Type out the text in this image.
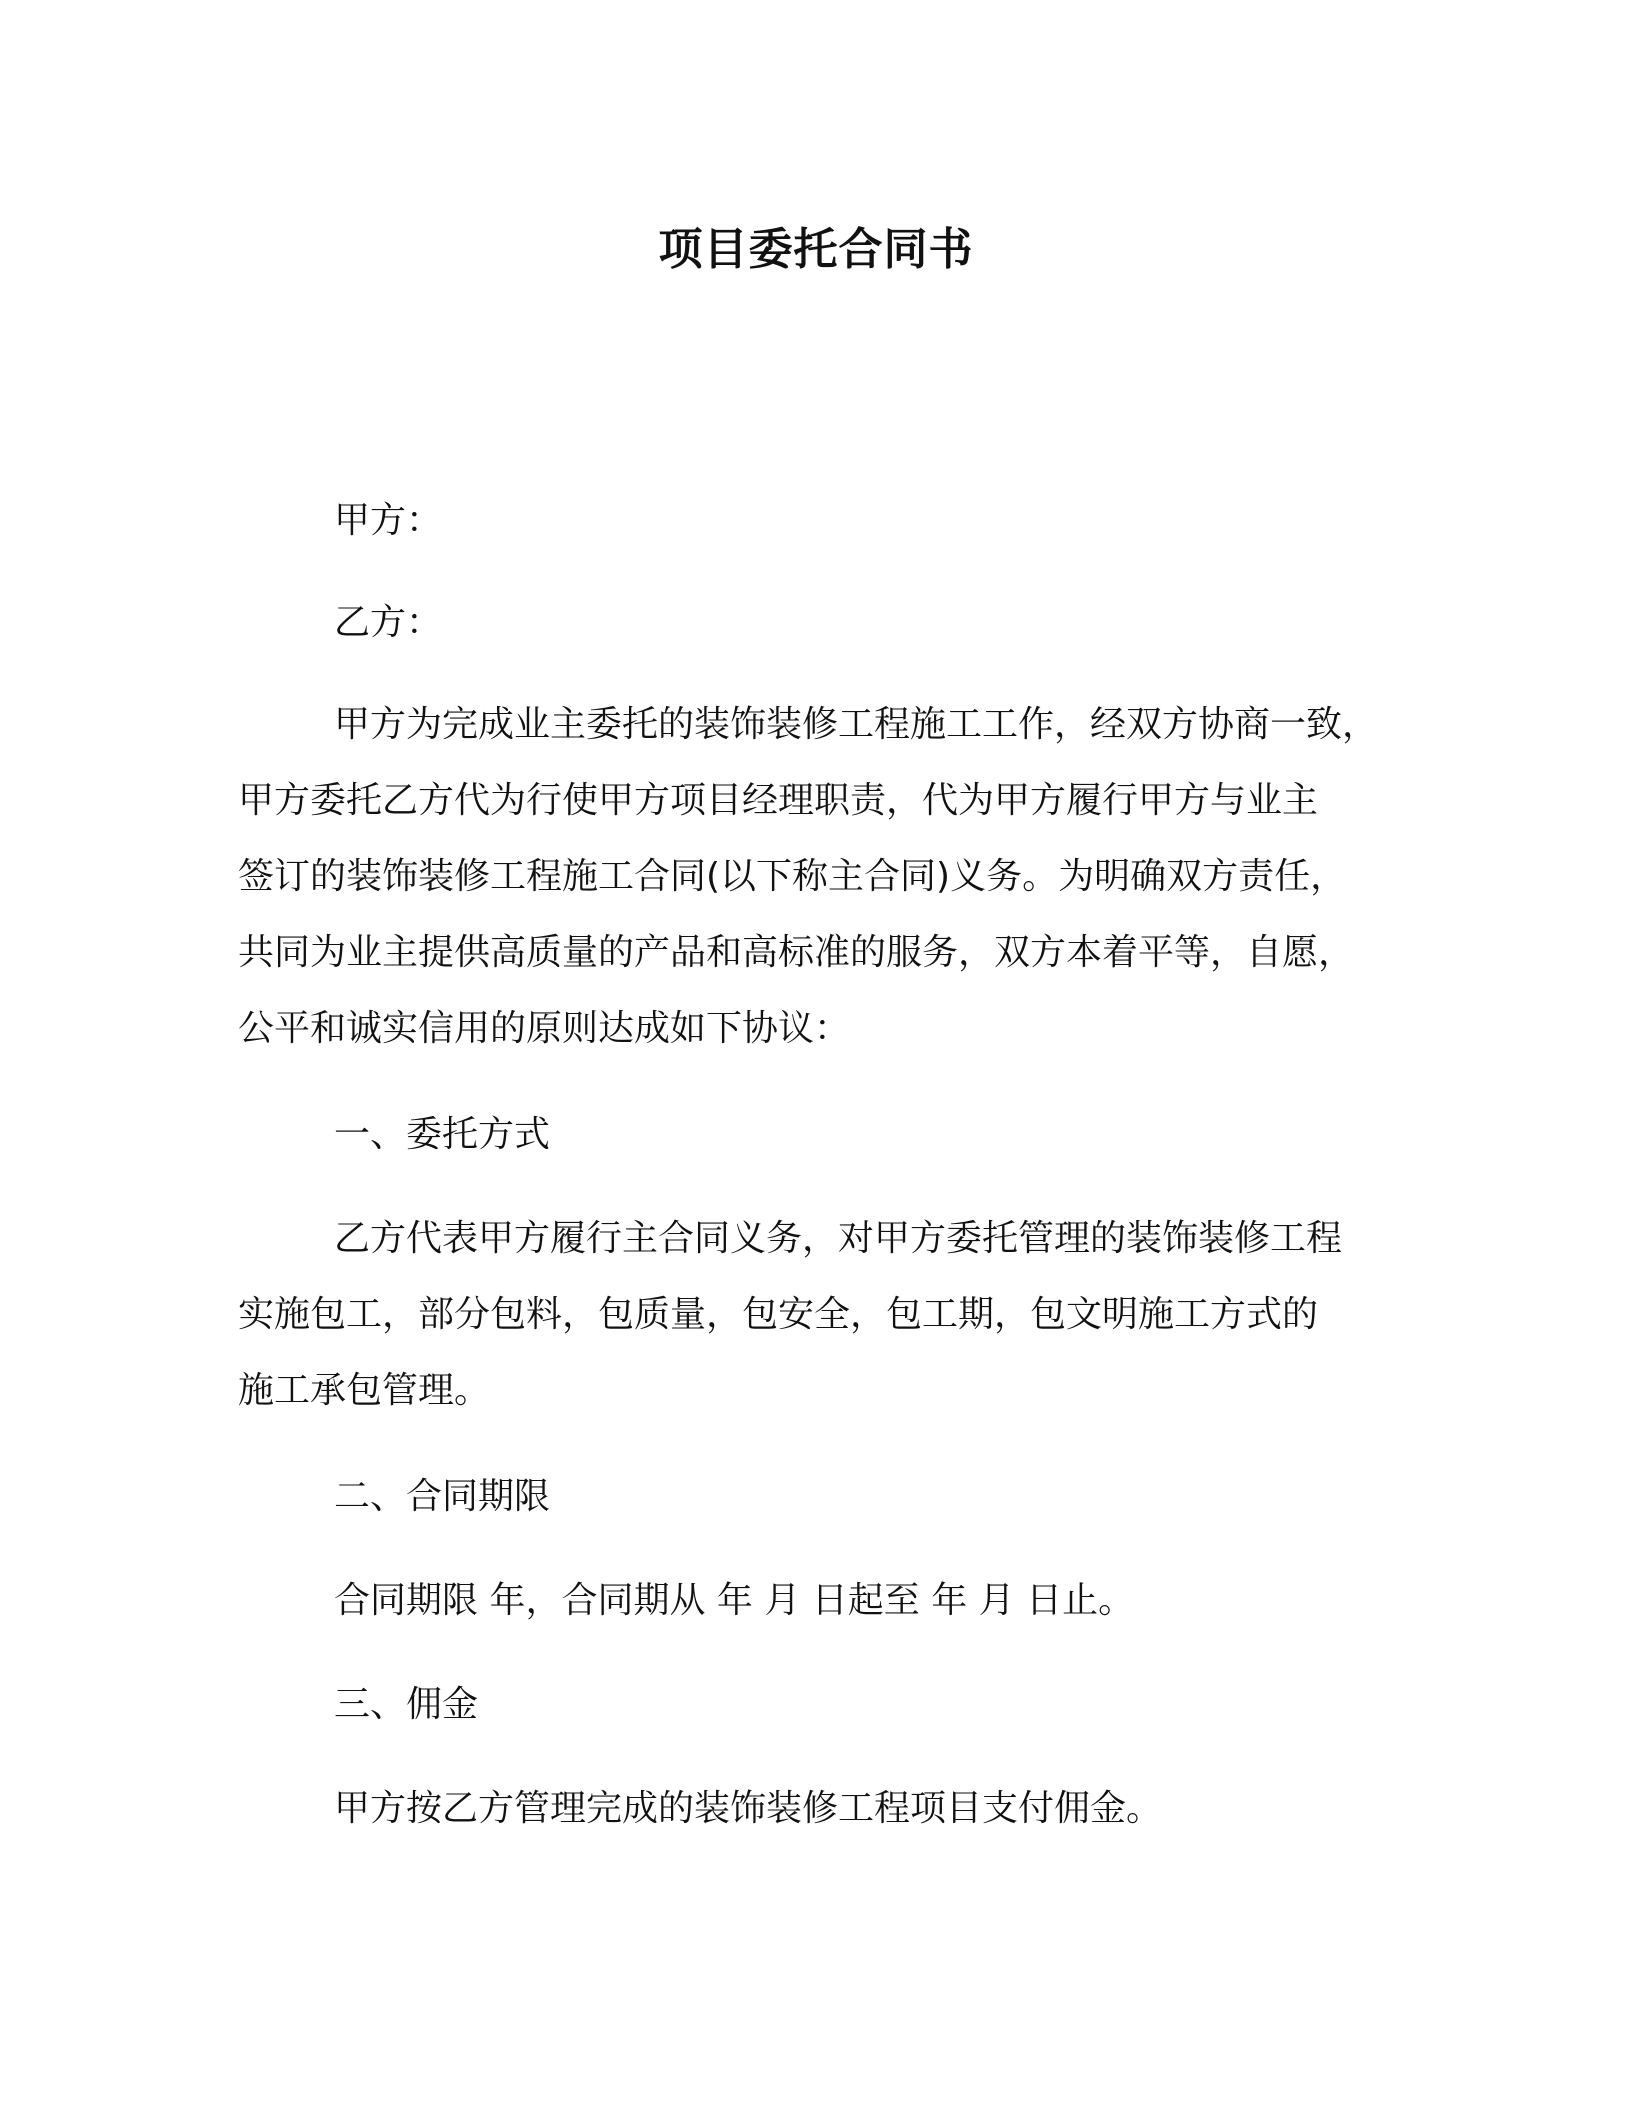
项目委托合同书
甲方：
乙方：
甲方为完成业主委托的装饰装修工程施工工作，经双方协商一致，
甲方委托乙方代为行使甲方项目经理职责，代为甲方履行甲方与业主
签订的装饰装修工程施工合同(以下称主合同)义务。为明确双方责任，
共同为业主提供高质量的产品和高标准的服务，双方本着平等，自愿，
公平和诚实信用的原则达成如下协议：
一、委托方式
乙方代表甲方履行主合同义务，对甲方委托管理的装饰装修工程
实施包工，部分包料，包质量，包安全，包工期，包文明施工方式的
施工承包管理。
二、合同期限
合同期限 年，合同期从 年 月 日起至 年 月 日止。
三、佣金
甲方按乙方管理完成的装饰装修工程项目支付佣金。
